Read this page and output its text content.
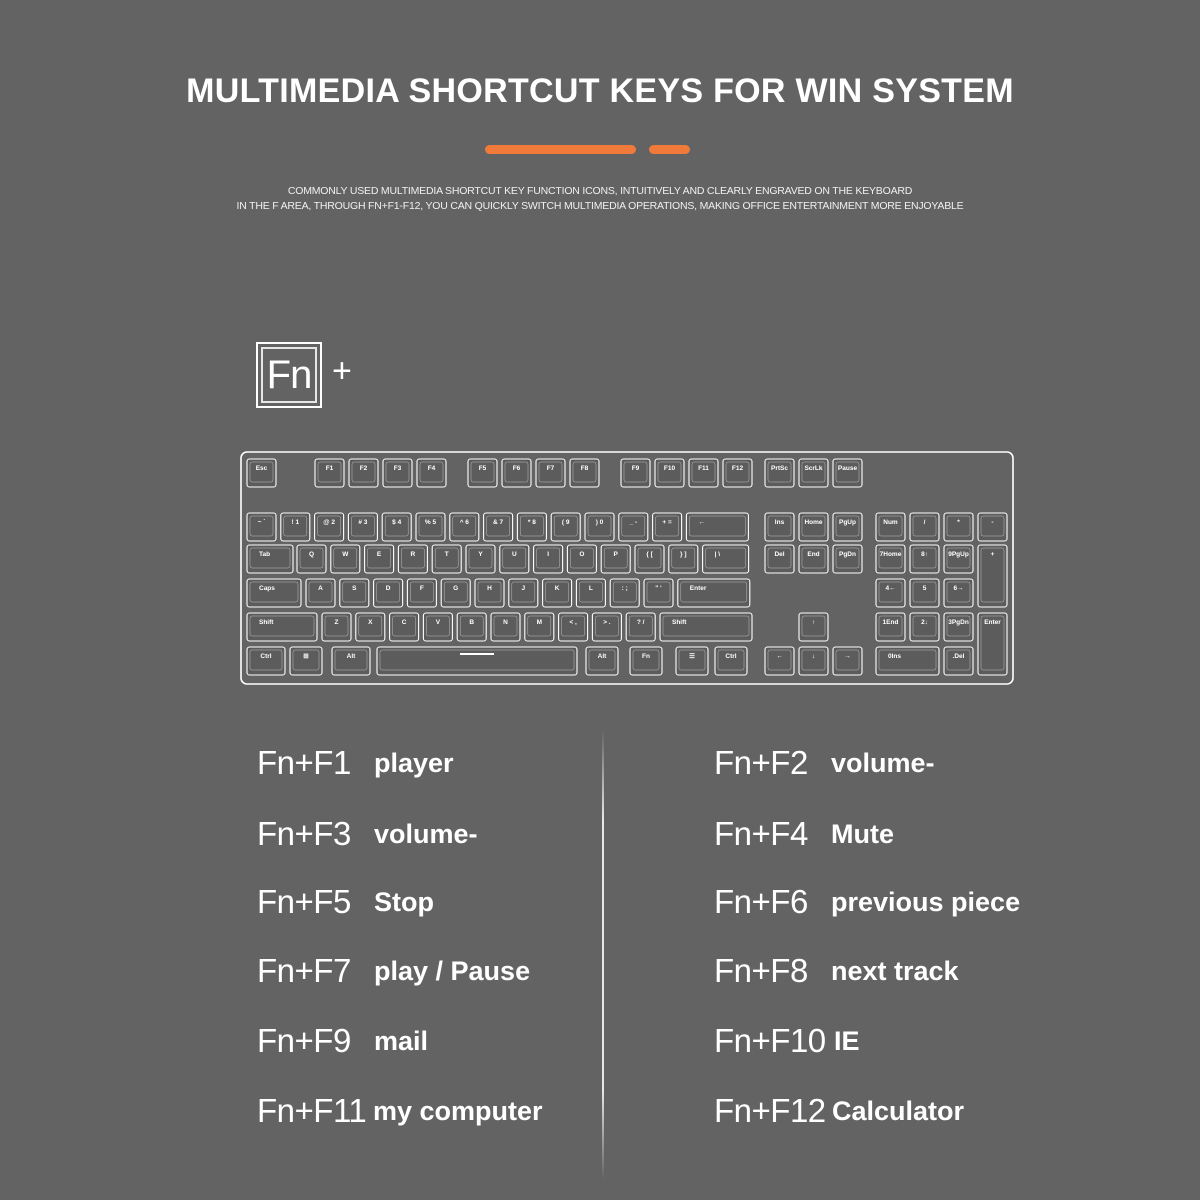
MULTIMEDIA SHORTCUT KEYS FOR WIN SYSTEM
COMMONLY USED MULTIMEDIA SHORTCUT KEY FUNCTION ICONS, INTUITIVELY AND CLEARLY ENGRAVED ON THE KEYBOARD
IN THE F AREA, THROUGH FN+F1-F12, YOU CAN QUICKLY SWITCH MULTIMEDIA OPERATIONS, MAKING OFFICE ENTERTAINMENT MORE ENJOYABLE
Fn +
Esc	F1	F2	F3	F4	F5	F6	F7	F8	F9	F10	F11	F12	PrtSc	ScrLk Pause
~ `	! 1	@ 2	# 3	$ 4	% 5	^ 6	& 7	* 8	( 9	) 0	_ -	+ =	←	Ins	Home	PgUp	Num	/	*	-
Tab	Q	W	E	R	T	Y	U	I	O	P	{ [	} ]	| \	Del	End	PgDn	7Home	8↑	9PgUp	+
Caps	A	S	D	F	G	H	J	K	L	: ;	" '	Enter	4←	5	6→
Shift	Z	X	C	V	B	N	M	< ,	> .	? /	Shift	↑	1End	2↓	3PgDn Enter
Ctrl	⊞	Alt	Alt	Fn	☰	Ctrl	←	↓	→	0Ins	.Del
Fn+F1 player	Fn+F2 volume-
Fn+F3 volume-	Fn+F4 Mute
Fn+F5 Stop	Fn+F6 previous piece
Fn+F7 play / Pause	Fn+F8 next track
Fn+F9 mail	Fn+F10 IE
Fn+F11 my computer	Fn+F12 Calculator
